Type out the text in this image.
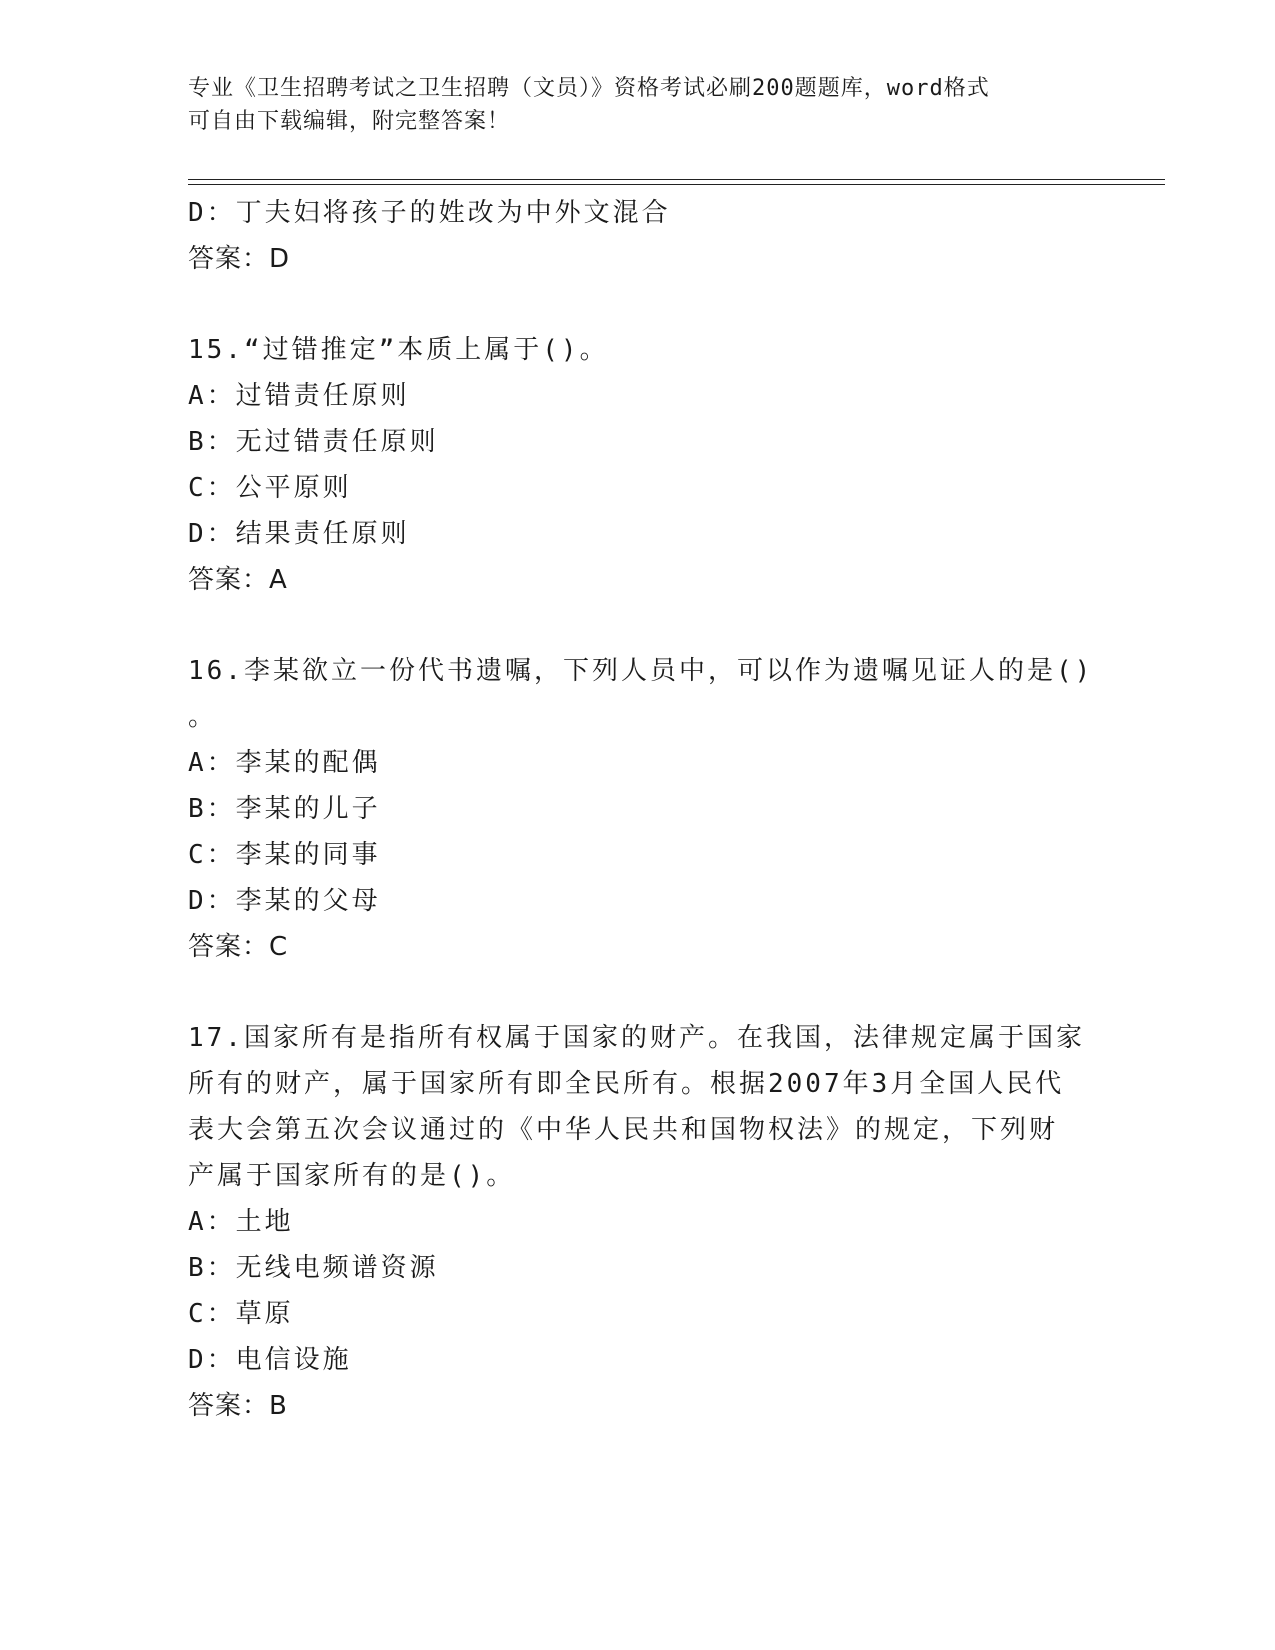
专业《卫生招聘考试之卫生招聘（文员）》资格考试必刷200题题库，word格式
可自由下载编辑，附完整答案！
D：丁夫妇将孩子的姓改为中外文混合
答案：D
15.“过错推定”本质上属于()。
A：过错责任原则
B：无过错责任原则
C：公平原则
D：结果责任原则
答案：A
16.李某欲立一份代书遗嘱，下列人员中，可以作为遗嘱见证人的是()
。
A：李某的配偶
B：李某的儿子
C：李某的同事
D：李某的父母
答案：C
17.国家所有是指所有权属于国家的财产。在我国，法律规定属于国家
所有的财产，属于国家所有即全民所有。根据2007年3月全国人民代
表大会第五次会议通过的《中华人民共和国物权法》的规定，下列财
产属于国家所有的是()。
A：土地
B：无线电频谱资源
C：草原
D：电信设施
答案：B
